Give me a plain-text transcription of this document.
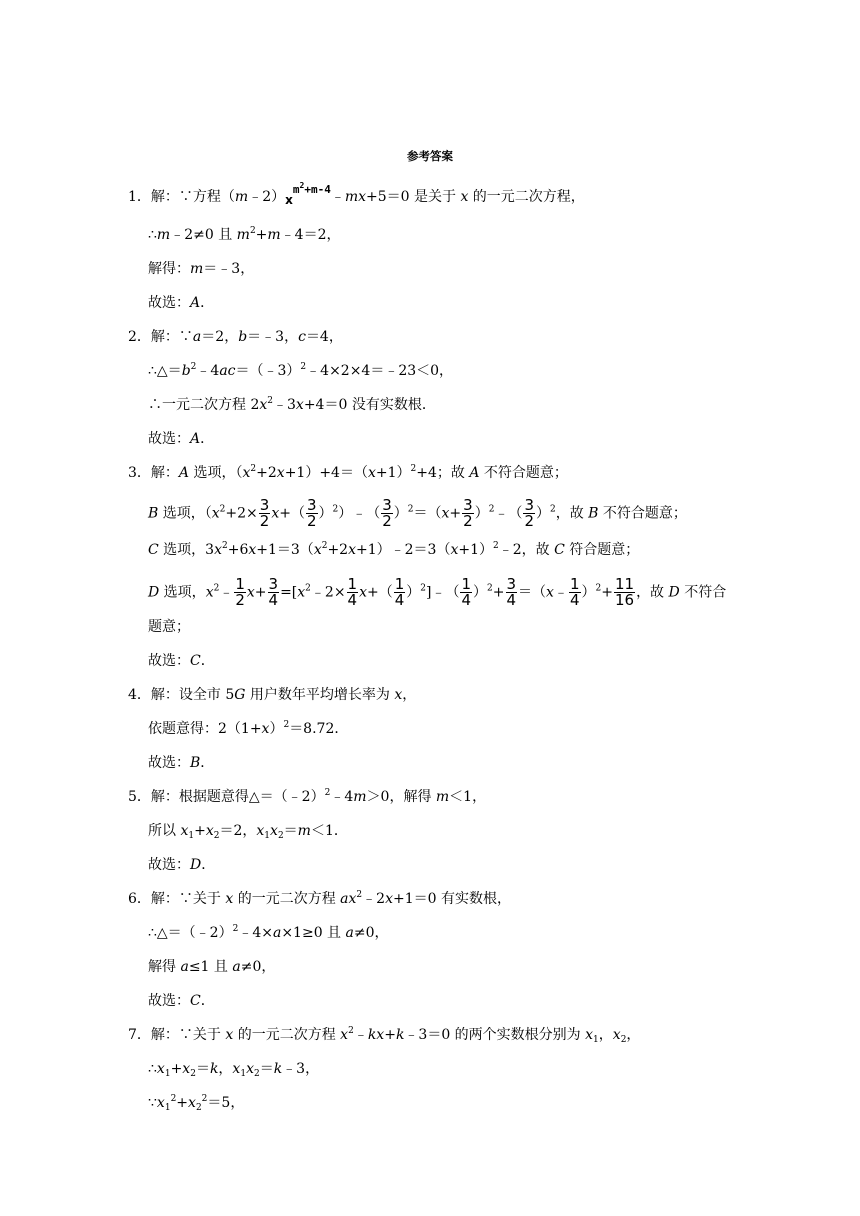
参考答案
1．解：∵方程$(m﹣2)x^{m^2+m-4}﹣mx+5=0$ 是关于 x 的一元二次方程，
∴m﹣2≠0 且 $m^2+m﹣4=2$，
解得：m＝﹣3，
故选：A．
2．解：∵a＝2，b＝﹣3，c＝4，
$\therefore\triangle=b^2﹣4ac=(﹣3)^2﹣4\times 2\times 4=﹣23<0$，
∴一元二次方程 $2x^2﹣3x+4=0$ 没有实数根．
故选：A．
3．解：A 选项，$(x^2+2x+1)+4=(x+1)^2+4$；故 A 不符合题意；
B 选项，（$x^2+2\times \frac{3}{2} x+( \frac{3}{2}$ ）$^2)﹣( \frac{3}{2} )^2=(x+ \frac{3}{2}$ ）$^2﹣( \frac{3}{2} )^2$，故 B 不符合题意；
C 选项，$3x^2+6x+1=3(x^2+2x+1)﹣2=3(x+1)^2﹣2$，故 C 符合题意；
D 选项，$x^2﹣ \frac{1}{2} x+ \frac{3}{4}$ $=[x^2﹣2\times \frac{1}{4} x+( \frac{1}{4}$ ）$^2]﹣( \frac{1}{4} )^2+ \frac{3}{4}$ ＝（x﹣ $\frac{1}{4} )^2+ \frac{11}{16}$ ，故 D 不符合
题意；
故选：C．
4．解：设全市 5G 用户数年平均增长率为 x，
依题意得：$2(1+x)^2=8.72$．
故选：B．
5．解：根据题意得△＝（﹣2）$^2$﹣4m＞0，解得 m＜1，
所以 $x_1+x_2=2$，$x_1x_2=m<1$．
故选：D．
6．解：∵关于 x 的一元二次方程 $ax^2﹣2x+1=0$ 有实数根，
∴△＝（﹣2）$^2$﹣4×a×1≥0 且 a≠0，
解得 a≤1 且 a≠0，
故选：C．
7．解：∵关于 x 的一元二次方程 $x^2﹣kx+k﹣3=0$ 的两个实数根分别为 $x_1$，$x_2$，
$\therefore x_1+x_2=k$，$x_1x_2=k﹣3$，
$\because x_1^2+x_2^2=5$，
